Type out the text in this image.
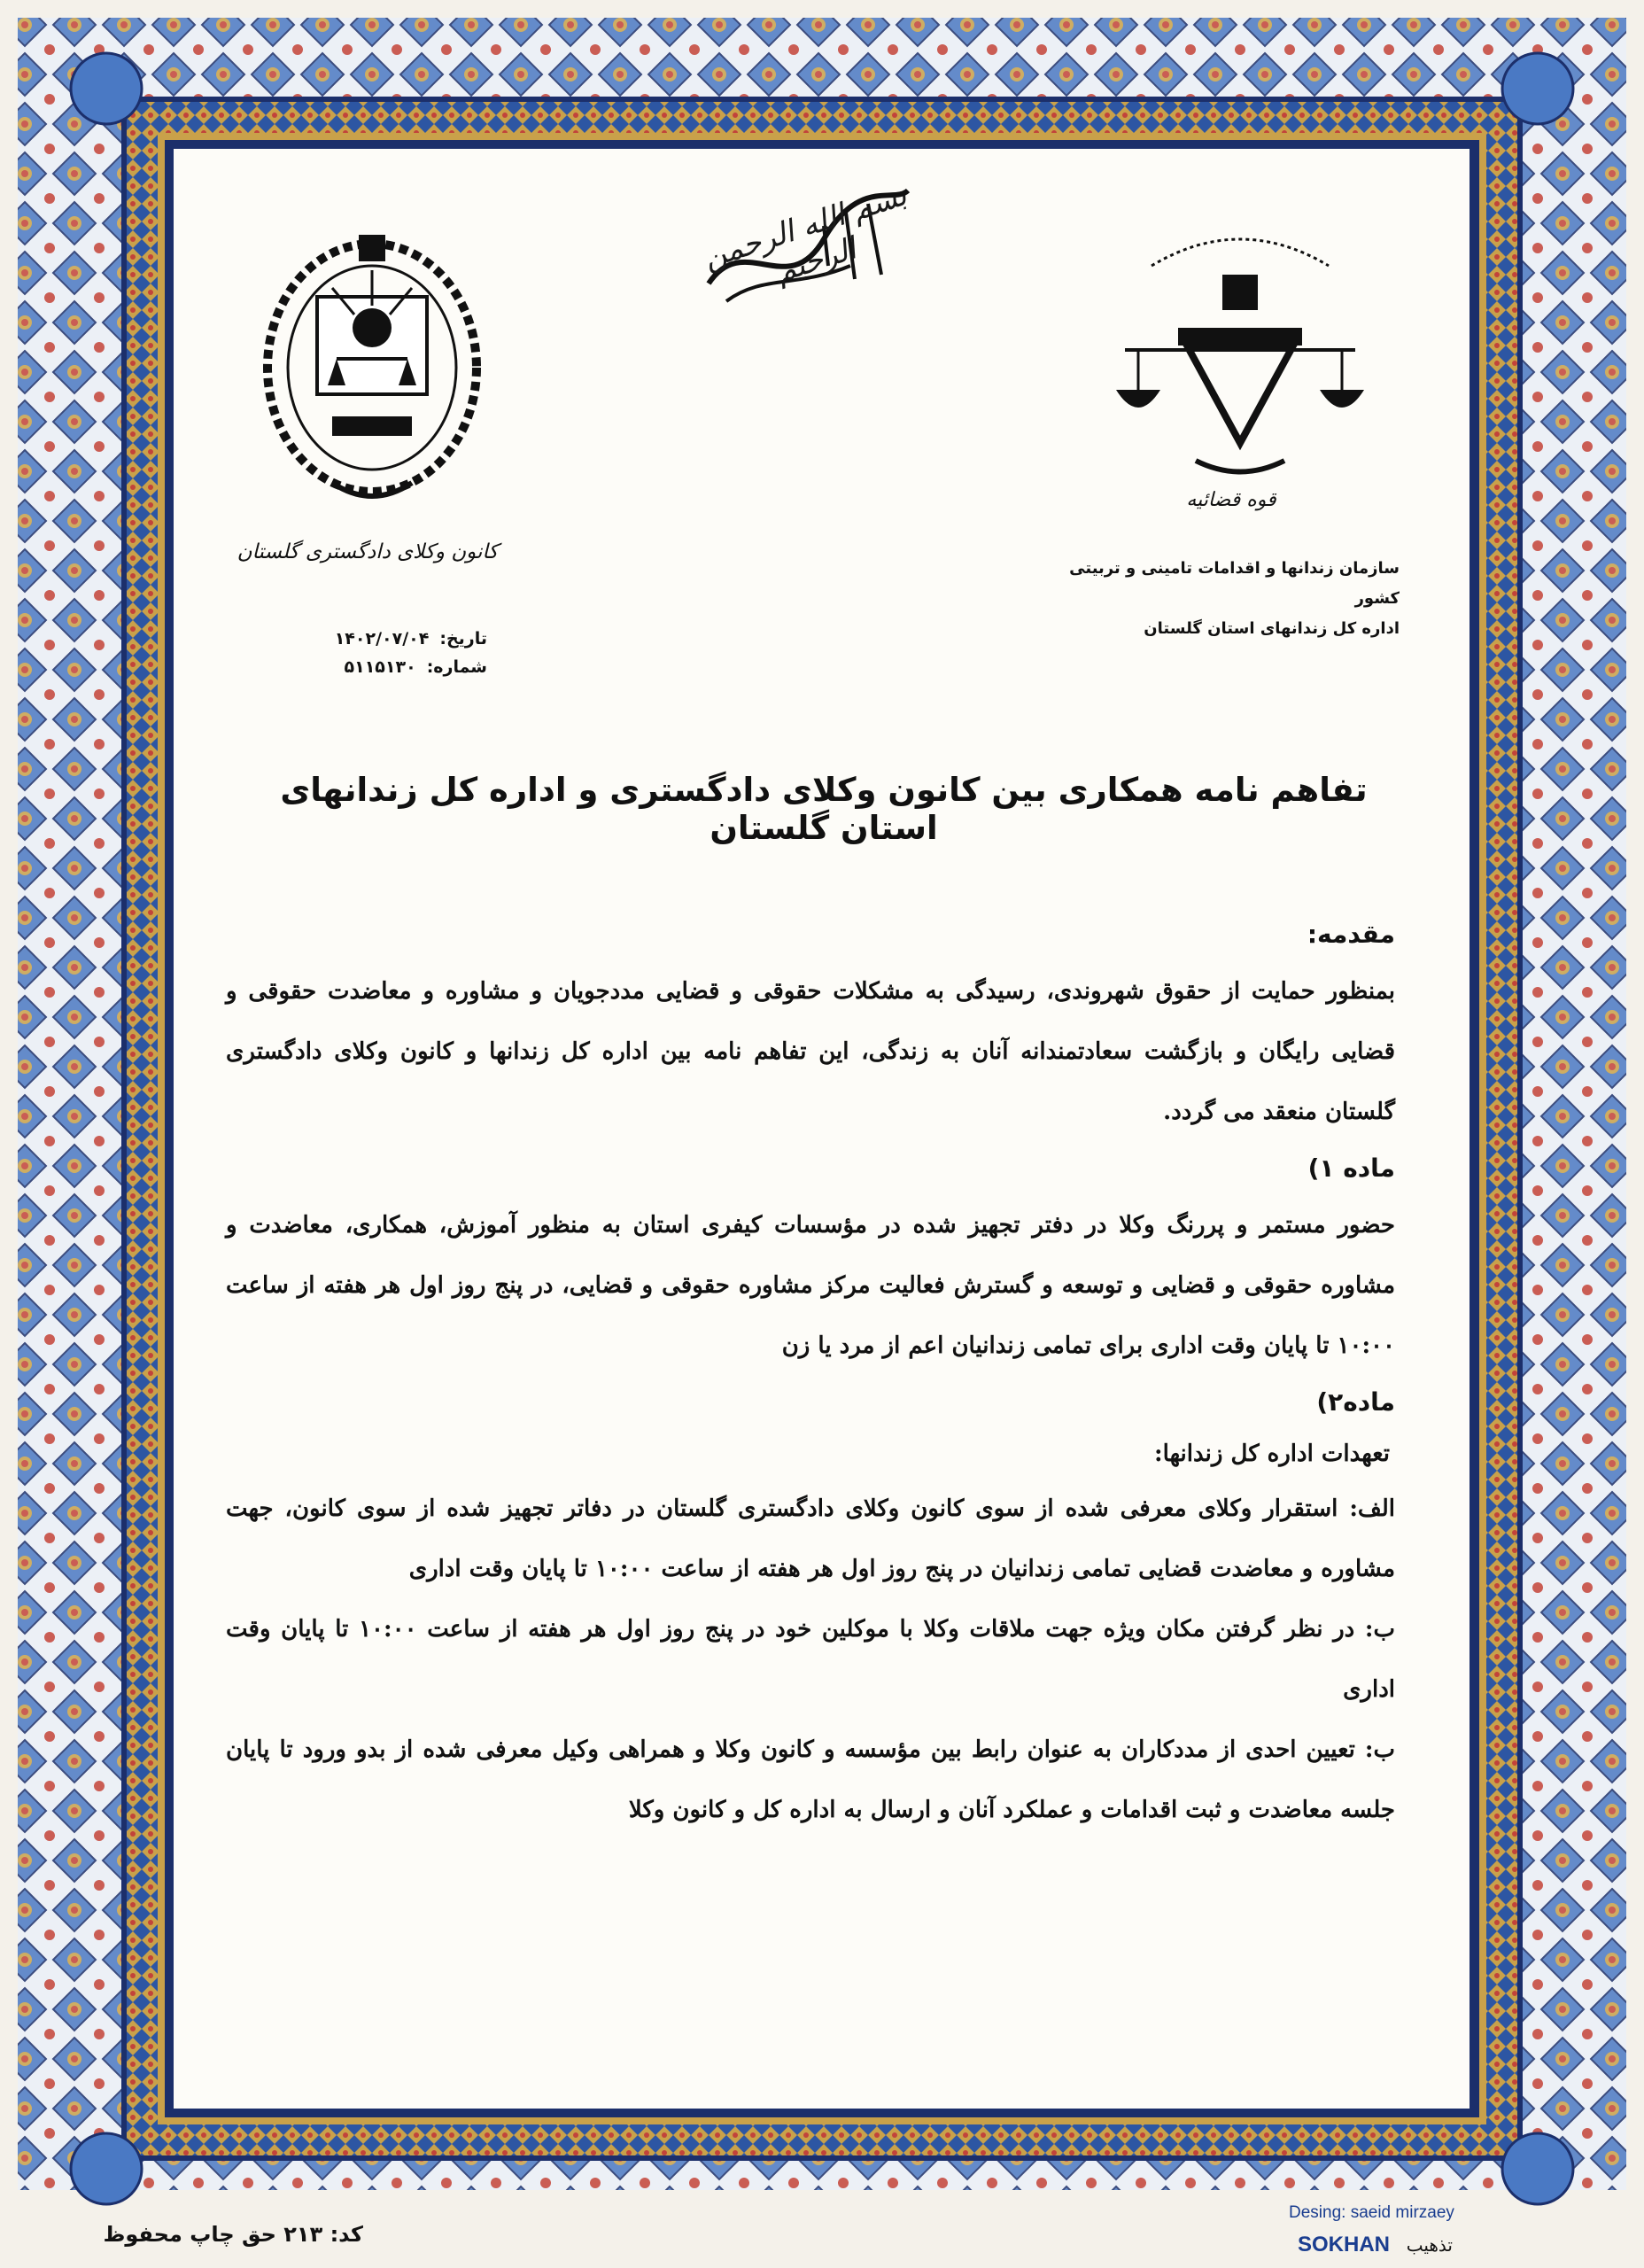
بسم الله الرحمن الرحيم
کانون وکلای دادگستری گلستان
تاریخ:
۱۴۰۲/۰۷/۰۴
شماره:
۵۱۱۵۱۳۰
قوه قضائیه
سازمان زندانها و اقدامات تامینی و تربیتی کشور
اداره کل زندانهای استان گلستان
تفاهم نامه همکاری بین کانون وکلای دادگستری و اداره کل زندانهای استان گلستان
مقدمه:

بمنظور حمایت از حقوق شهروندی، رسیدگی به مشکلات حقوقی و قضایی مددجویان و مشاوره و معاضدت حقوقی و قضایی رایگان و بازگشت سعادتمندانه آنان به زندگی، این تفاهم نامه بین اداره کل زندانها و کانون وکلای دادگستری گلستان منعقد می گردد.

ماده ۱)

حضور مستمر و پررنگ وکلا در دفتر تجهیز شده در مؤسسات کیفری استان به منظور آموزش، همکاری، معاضدت و مشاوره حقوقی و قضایی و توسعه و گسترش فعالیت مرکز مشاوره حقوقی و قضایی، در پنج روز اول هر هفته از ساعت ۱۰:۰۰ تا پایان وقت اداری برای تمامی زندانیان اعم از مرد یا زن

ماده۲)
تعهدات اداره کل زندانها:

الف: استقرار وکلای معرفی شده از سوی کانون وکلای دادگستری گلستان در دفاتر تجهیز شده از سوی کانون، جهت مشاوره و معاضدت قضایی تمامی زندانیان در پنج روز اول هر هفته از ساعت ۱۰:۰۰ تا پایان وقت اداری

ب: در نظر گرفتن مکان ویژه جهت ملاقات وکلا با موکلین خود در پنج روز اول هر هفته از ساعت ۱۰:۰۰ تا پایان وقت اداری

ب: تعیین احدی از مددکاران به عنوان رابط بین مؤسسه و کانون وکلا و همراهی وکیل معرفی شده از بدو ورود تا پایان جلسه معاضدت و ثبت اقدامات و عملکرد آنان و ارسال به اداره کل و کانون وکلا

کد: ۲۱۳ حق چاپ محفوظ
Desing: saeid mirzaey
SOKHAN تذهیب
